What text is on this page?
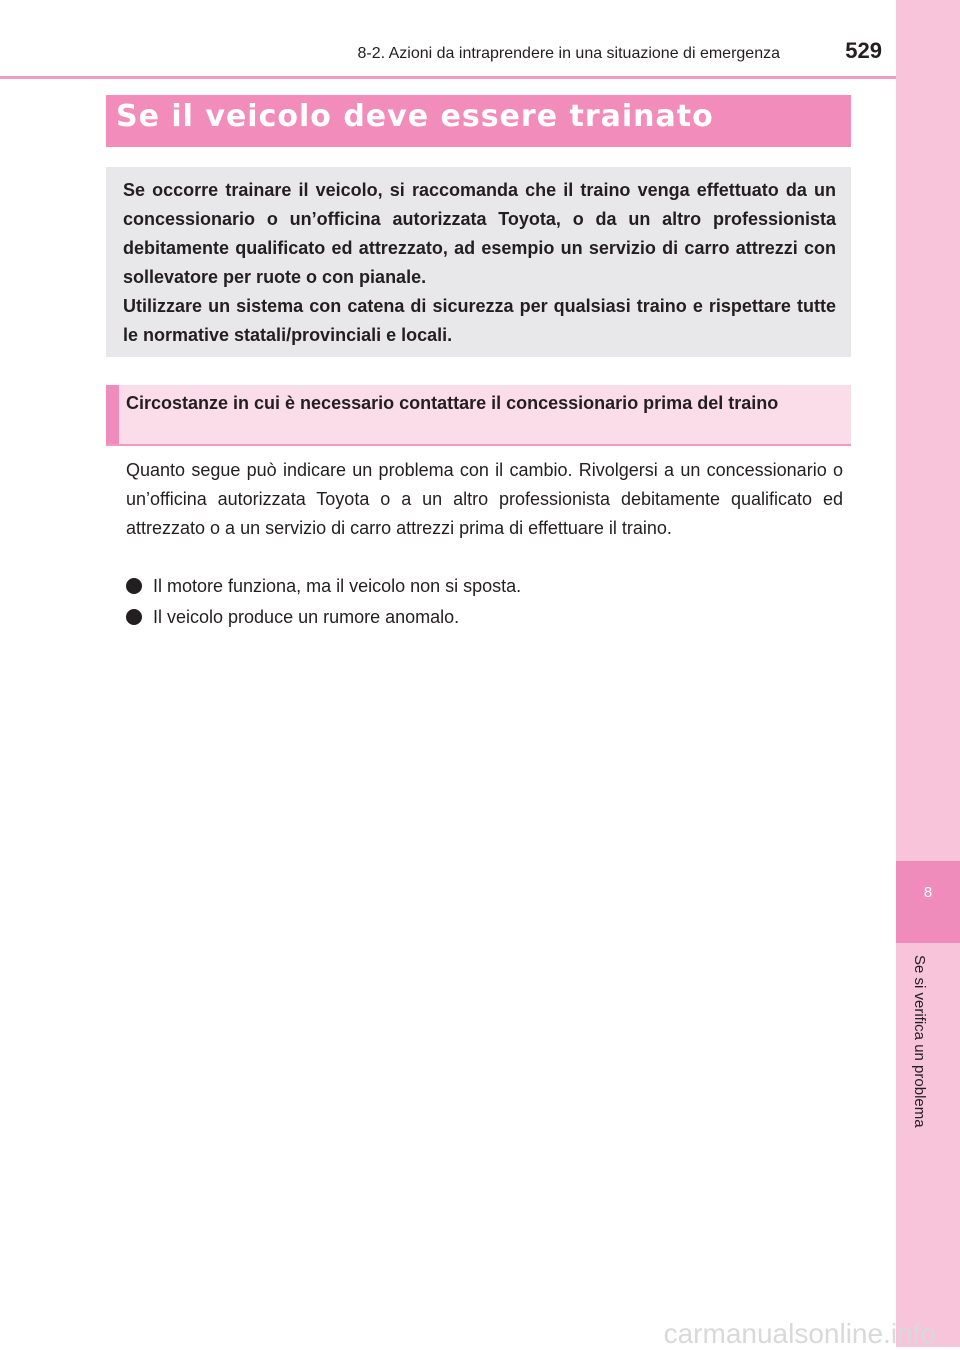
8-2. Azioni da intraprendere in una situazione di emergenza	529
8
Se si verifica un problema
Se il veicolo deve essere trainato

Se occorre trainare il veicolo, si raccomanda che il traino venga effettuato da un concessionario o un’officina autorizzata Toyota, o da un altro professionista debitamente qualificato ed attrezzato, ad esempio un servizio di carro attrezzi con sollevatore per ruote o con pianale.

Utilizzare un sistema con catena di sicurezza per qualsiasi traino e rispettare tutte le normative statali/provinciali e locali.

Circostanze in cui è necessario contattare il concessionario prima del traino
Quanto segue può indicare un problema con il cambio. Rivolgersi a un concessionario o un’officina autorizzata Toyota o a un altro professionista debitamente qualificato ed attrezzato o a un servizio di carro attrezzi prima di effettuare il traino.
Il motore funziona, ma il veicolo non si sposta.
Il veicolo produce un rumore anomalo.
carmanualsonline.info
